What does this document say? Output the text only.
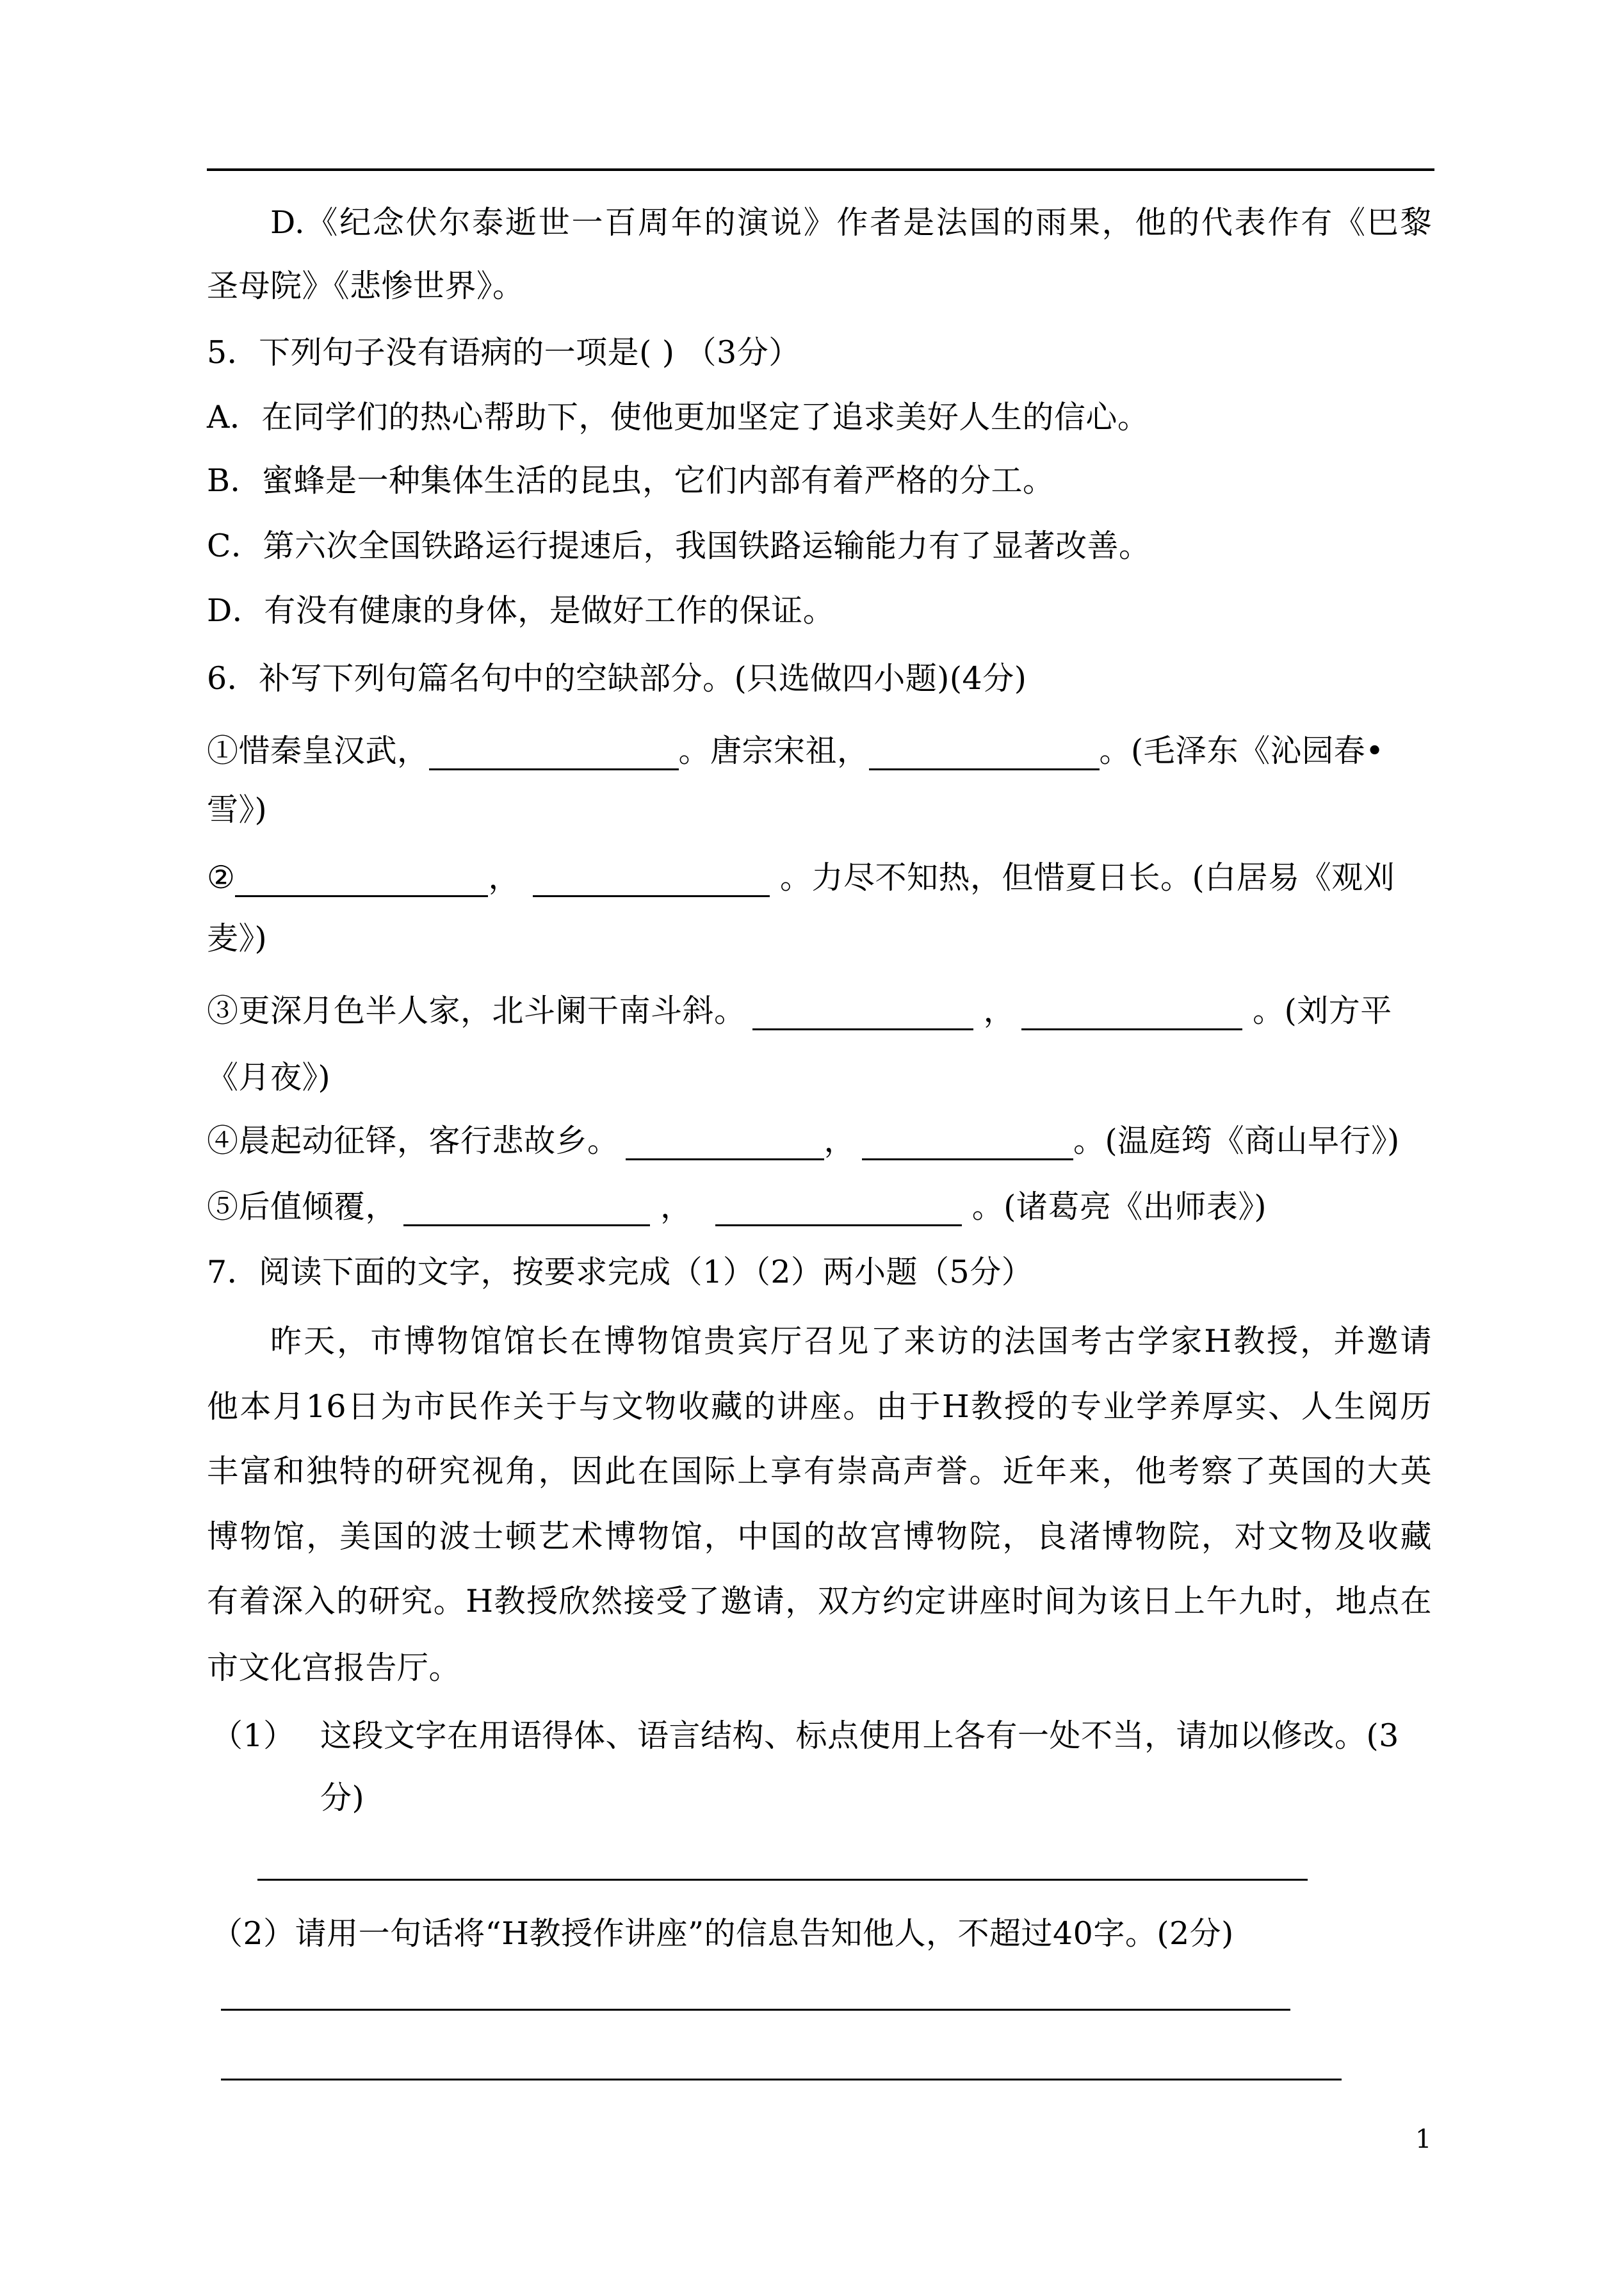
D.《纪念伏尔泰逝世一百周年的演说》作者是法国的雨果，他的代表作有《巴黎
圣母院》《悲惨世界》。
5．下列句子没有语病的一项是( ) （3分）
A．在同学们的热心帮助下，使他更加坚定了追求美好人生的信心。
B．蜜蜂是一种集体生活的昆虫，它们内部有着严格的分工。
C．第六次全国铁路运行提速后，我国铁路运输能力有了显著改善。
D．有没有健康的身体，是做好工作的保证。
6．补写下列句篇名句中的空缺部分。(只选做四小题)(4分)
①惜秦皇汉武，	。唐宗宋祖，	。(毛泽东《沁园春•
雪》)
②	，	。力尽不知热，但惜夏日长。(白居易《观刈
麦》)
③更深月色半人家，北斗阑干南斗斜。	，	。(刘方平
《月夜》)
④晨起动征铎，客行悲故乡。	，	。(温庭筠《商山早行》)
⑤后值倾覆，	，	。(诸葛亮《出师表》)
7．阅读下面的文字，按要求完成（1）（2）两小题（5分）
昨天，市博物馆馆长在博物馆贵宾厅召见了来访的法国考古学家H教授，并邀请
他本月16日为市民作关于与文物收藏的讲座。由于H教授的专业学养厚实、人生阅历
丰富和独特的研究视角，因此在国际上享有崇高声誉。近年来，他考察了英国的大英
博物馆，美国的波士顿艺术博物馆，中国的故宫博物院，良渚博物院，对文物及收藏
有着深入的研究。H教授欣然接受了邀请，双方约定讲座时间为该日上午九时，地点在
市文化宫报告厅。
（1） 这段文字在用语得体、语言结构、标点使用上各有一处不当，请加以修改。(3
分)
（2）请用一句话将“H教授作讲座”的信息告知他人，不超过40字。(2分)
1
